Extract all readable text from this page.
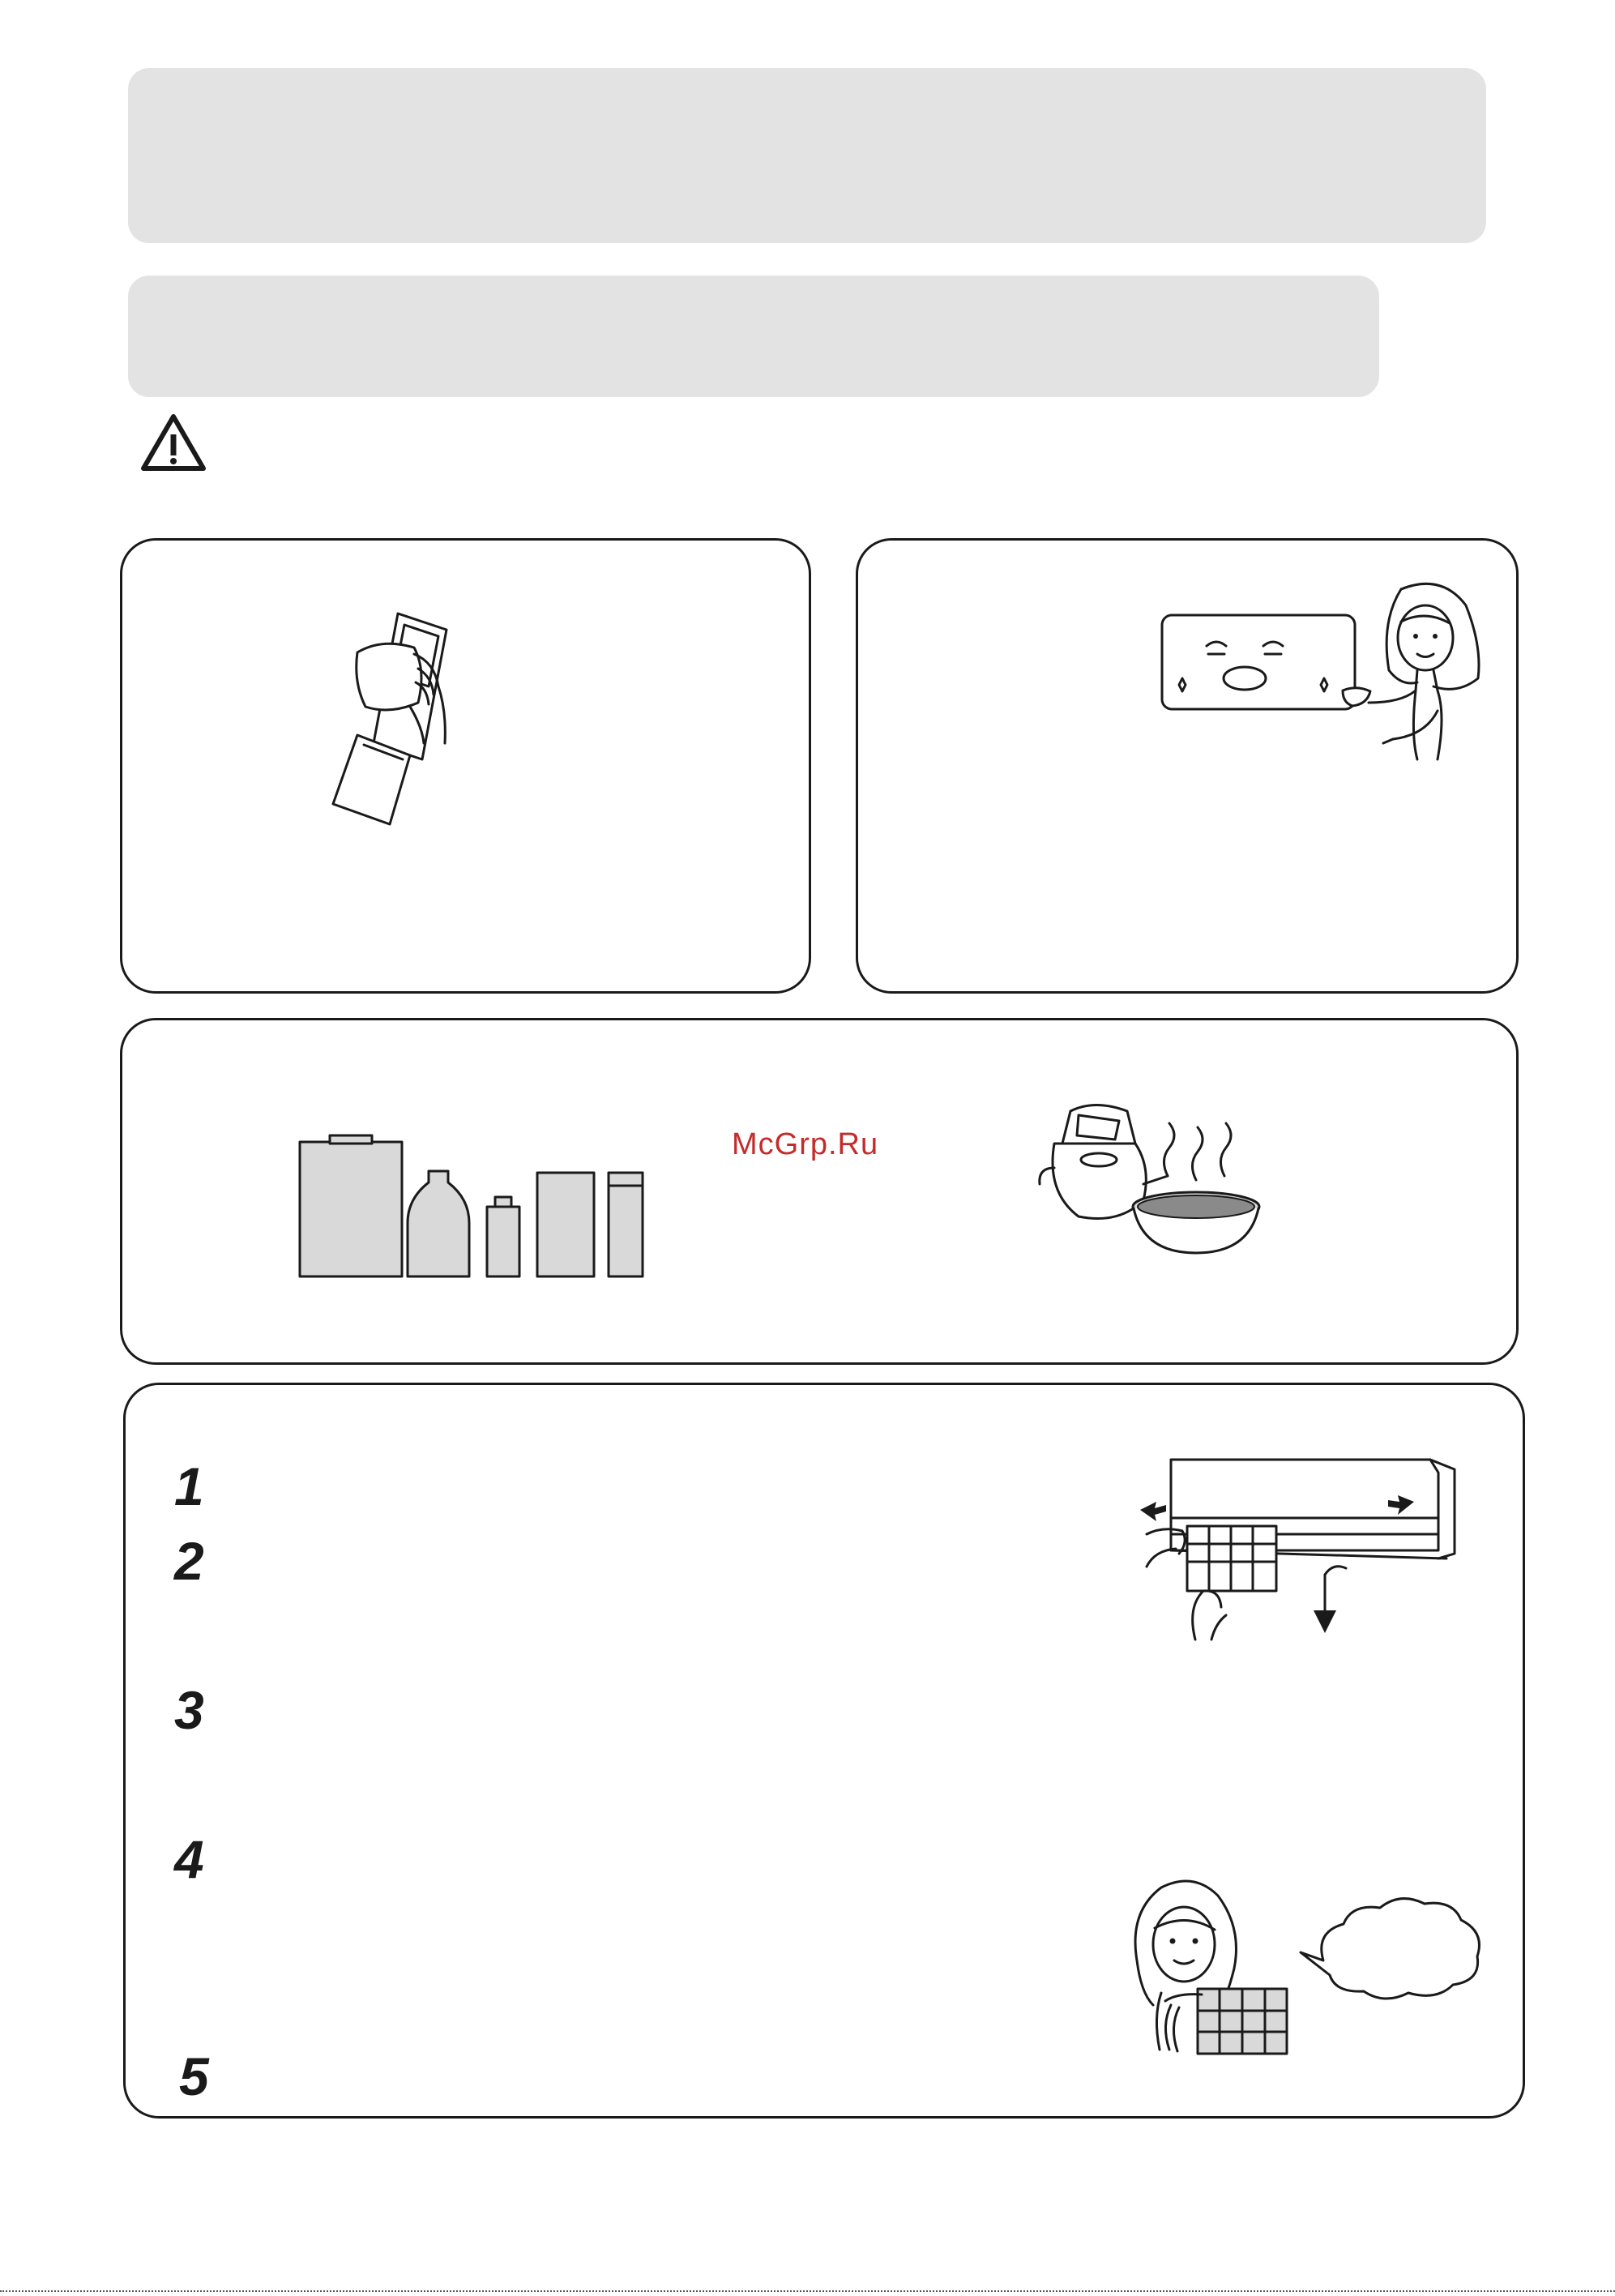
McGrp.Ru
1
2
3
4
5
